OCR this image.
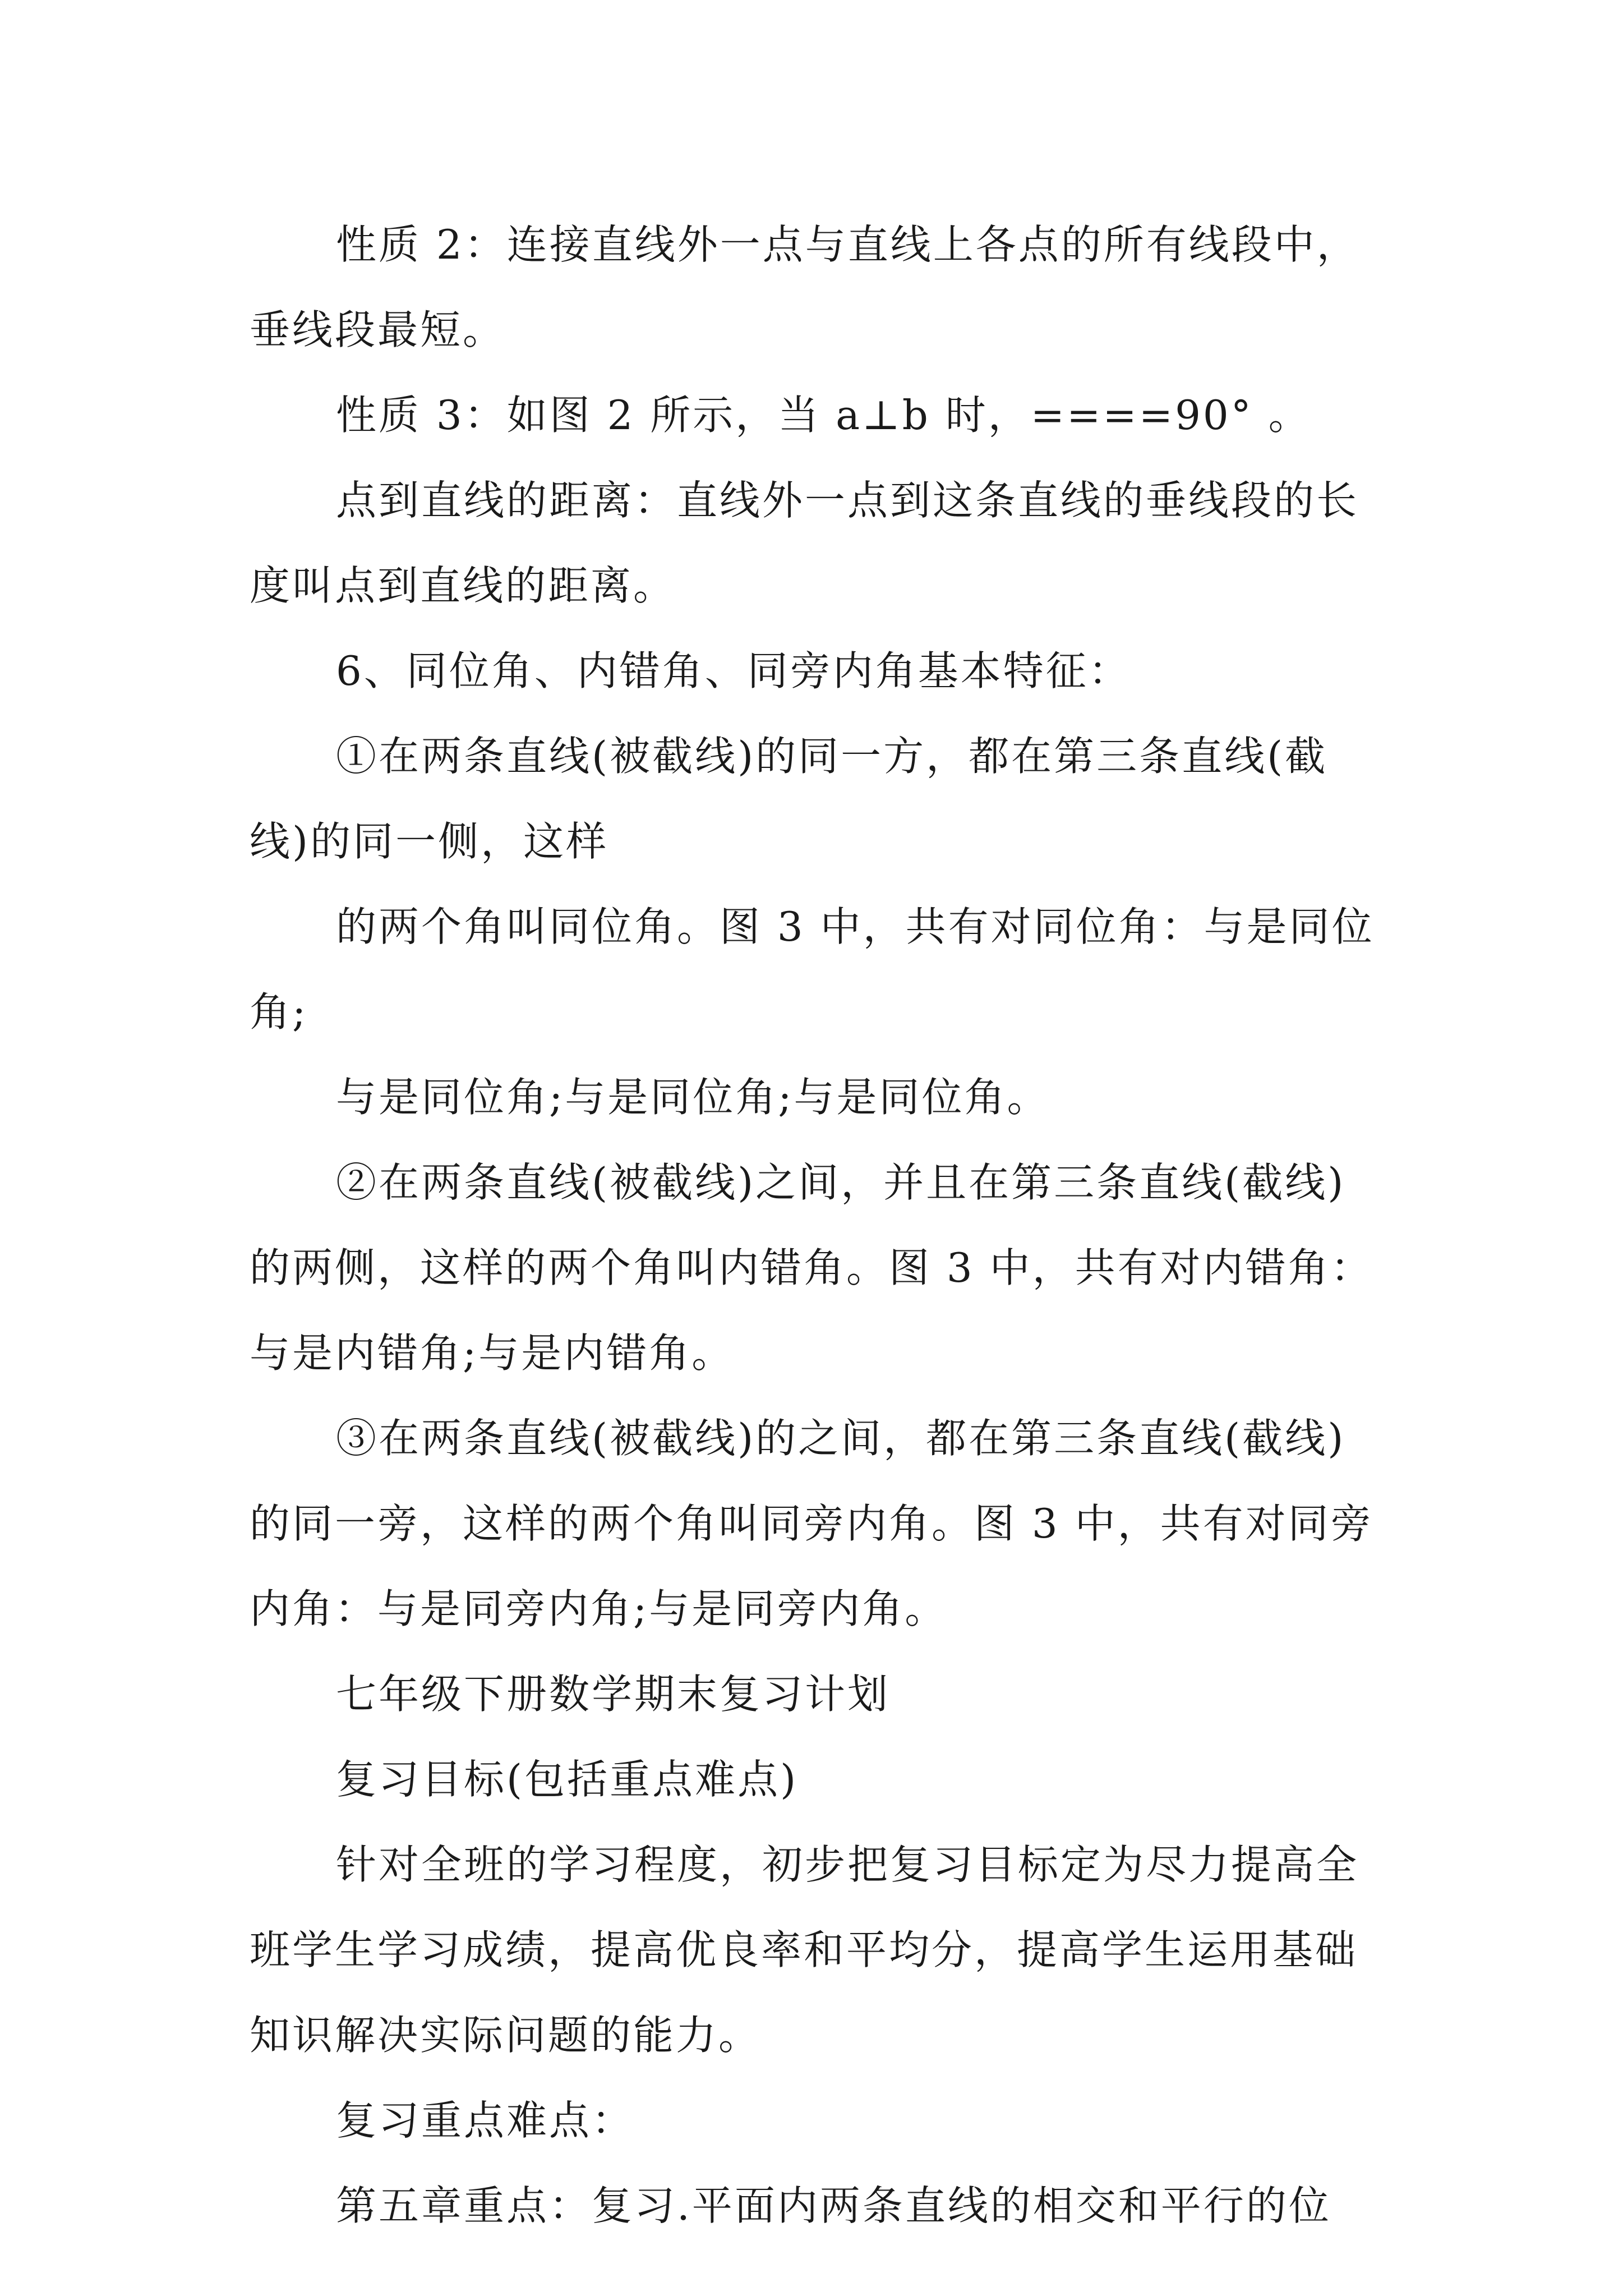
性质 2：连接直线外一点与直线上各点的所有线段中，
垂线段最短。
性质 3：如图 2 所示，当 a⊥b 时，====90° 。
点到直线的距离：直线外一点到这条直线的垂线段的长
度叫点到直线的距离。
6、同位角、内错角、同旁内角基本特征：
①在两条直线(被截线)的同一方，都在第三条直线(截
线)的同一侧，这样
的两个角叫同位角。图 3 中，共有对同位角：与是同位
角;
与是同位角;与是同位角;与是同位角。
②在两条直线(被截线)之间，并且在第三条直线(截线)
的两侧，这样的两个角叫内错角。图 3 中，共有对内错角：
与是内错角;与是内错角。
③在两条直线(被截线)的之间，都在第三条直线(截线)
的同一旁，这样的两个角叫同旁内角。图 3 中，共有对同旁
内角：与是同旁内角;与是同旁内角。
七年级下册数学期末复习计划
复习目标(包括重点难点)
针对全班的学习程度，初步把复习目标定为尽力提高全
班学生学习成绩，提高优良率和平均分，提高学生运用基础
知识解决实际问题的能力。
复习重点难点：
第五章重点：复习.平面内两条直线的相交和平行的位
